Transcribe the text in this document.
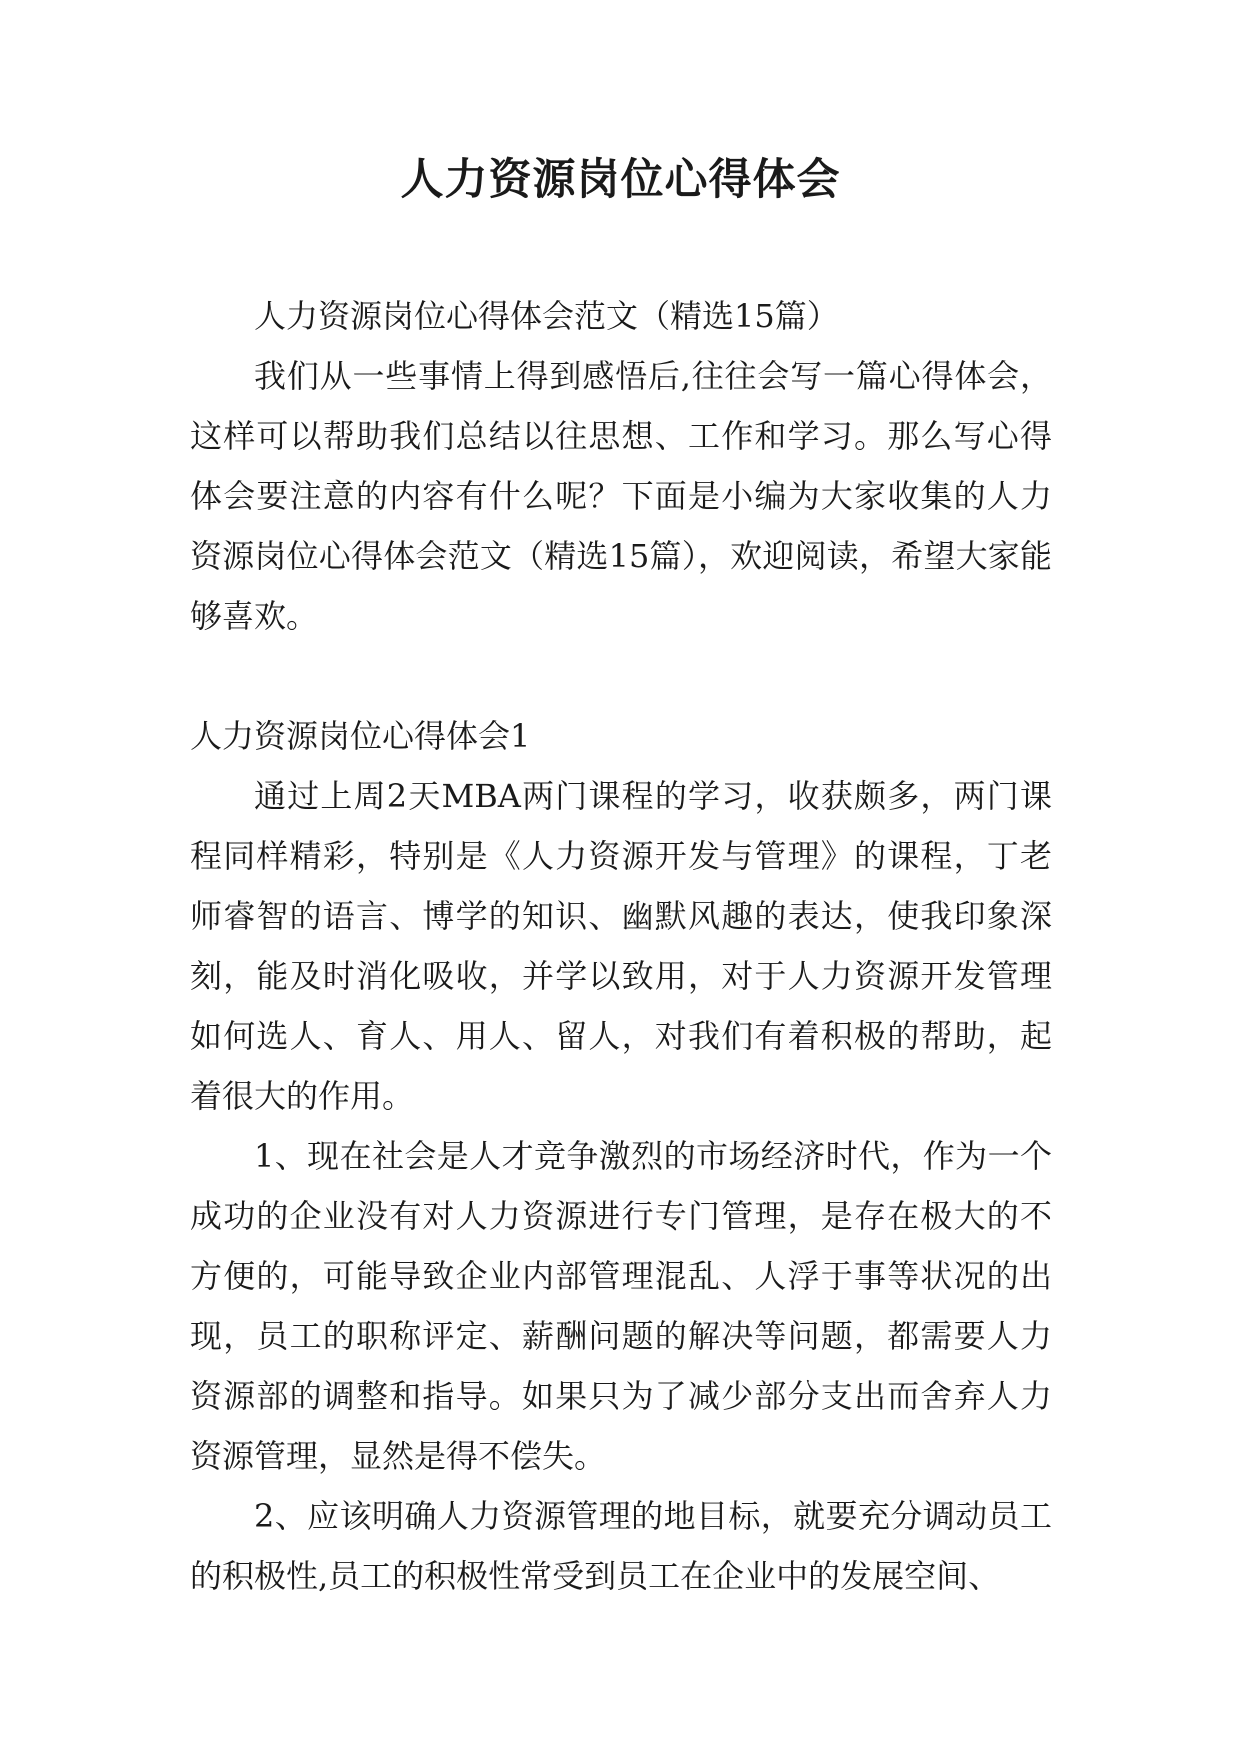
人力资源岗位心得体会

人力资源岗位心得体会范文（精选15篇）

我们从一些事情上得到感悟后,往往会写一篇心得体会，这样可以帮助我们总结以往思想、工作和学习。那么写心得体会要注意的内容有什么呢？下面是小编为大家收集的人力资源岗位心得体会范文（精选15篇），欢迎阅读，希望大家能够喜欢。

人力资源岗位心得体会1

通过上周2天MBA两门课程的学习，收获颇多，两门课程同样精彩，特别是《人力资源开发与管理》的课程，丁老师睿智的语言、博学的知识、幽默风趣的表达，使我印象深刻，能及时消化吸收，并学以致用，对于人力资源开发管理如何选人、育人、用人、留人，对我们有着积极的帮助，起着很大的作用。

1、现在社会是人才竞争激烈的市场经济时代，作为一个成功的企业没有对人力资源进行专门管理，是存在极大的不方便的，可能导致企业内部管理混乱、人浮于事等状况的出现，员工的职称评定、薪酬问题的解决等问题，都需要人力资源部的调整和指导。如果只为了减少部分支出而舍弃人力资源管理，显然是得不偿失。

2、应该明确人力资源管理的地目标，就要充分调动员工的积极性,员工的积极性常受到员工在企业中的发展空间、
